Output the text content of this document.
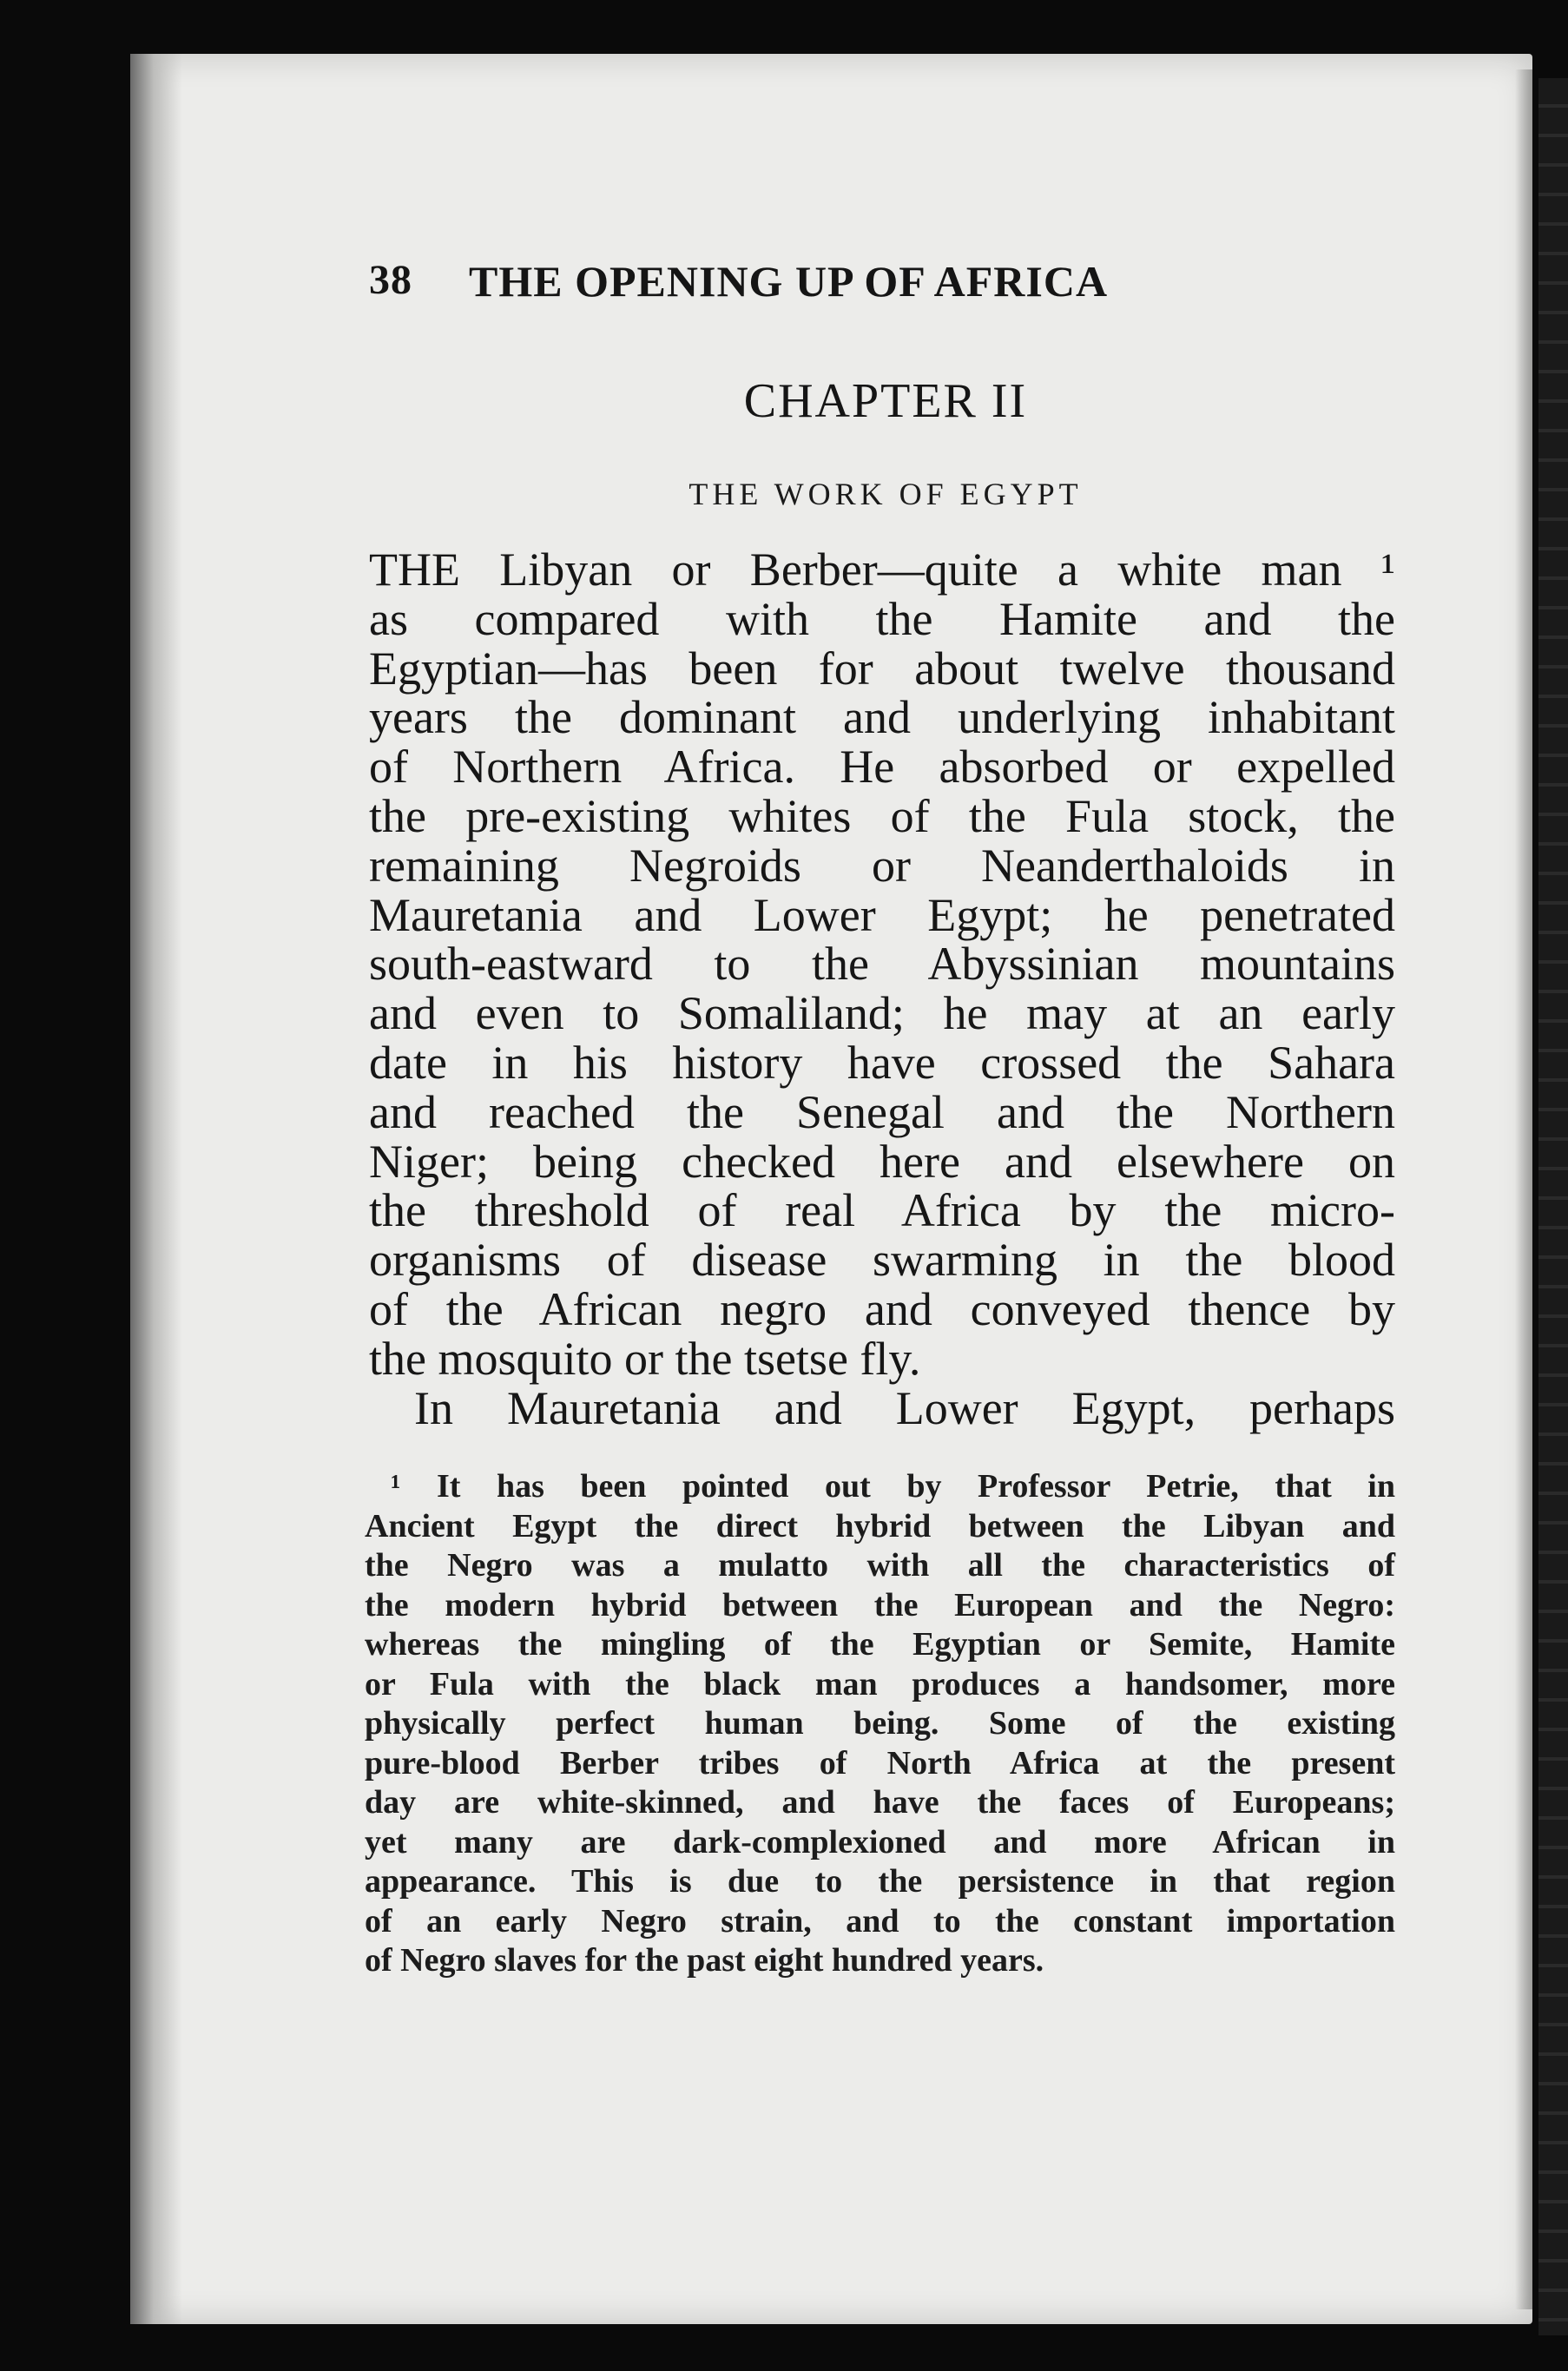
38 THE OPENING UP OF AFRICA
CHAPTER II
THE WORK OF EGYPT
THE Libyan or Berber—quite a white man ¹
as compared with the Hamite and the
Egyptian—has been for about twelve thousand
years the dominant and underlying inhabitant
of Northern Africa. He absorbed or expelled
the pre-existing whites of the Fula stock, the
remaining Negroids or Neanderthaloids in
Mauretania and Lower Egypt; he penetrated
south-eastward to the Abyssinian mountains
and even to Somaliland; he may at an early
date in his history have crossed the Sahara
and reached the Senegal and the Northern
Niger; being checked here and elsewhere on
the threshold of real Africa by the micro-
organisms of disease swarming in the blood
of the African negro and conveyed thence by
the mosquito or the tsetse fly.
In Mauretania and Lower Egypt, perhaps
¹ It has been pointed out by Professor Petrie, that in
Ancient Egypt the direct hybrid between the Libyan and
the Negro was a mulatto with all the characteristics of
the modern hybrid between the European and the Negro:
whereas the mingling of the Egyptian or Semite, Hamite
or Fula with the black man produces a handsomer, more
physically perfect human being. Some of the existing
pure-blood Berber tribes of North Africa at the present
day are white-skinned, and have the faces of Europeans;
yet many are dark-complexioned and more African in
appearance. This is due to the persistence in that region
of an early Negro strain, and to the constant importation
of Negro slaves for the past eight hundred years.
